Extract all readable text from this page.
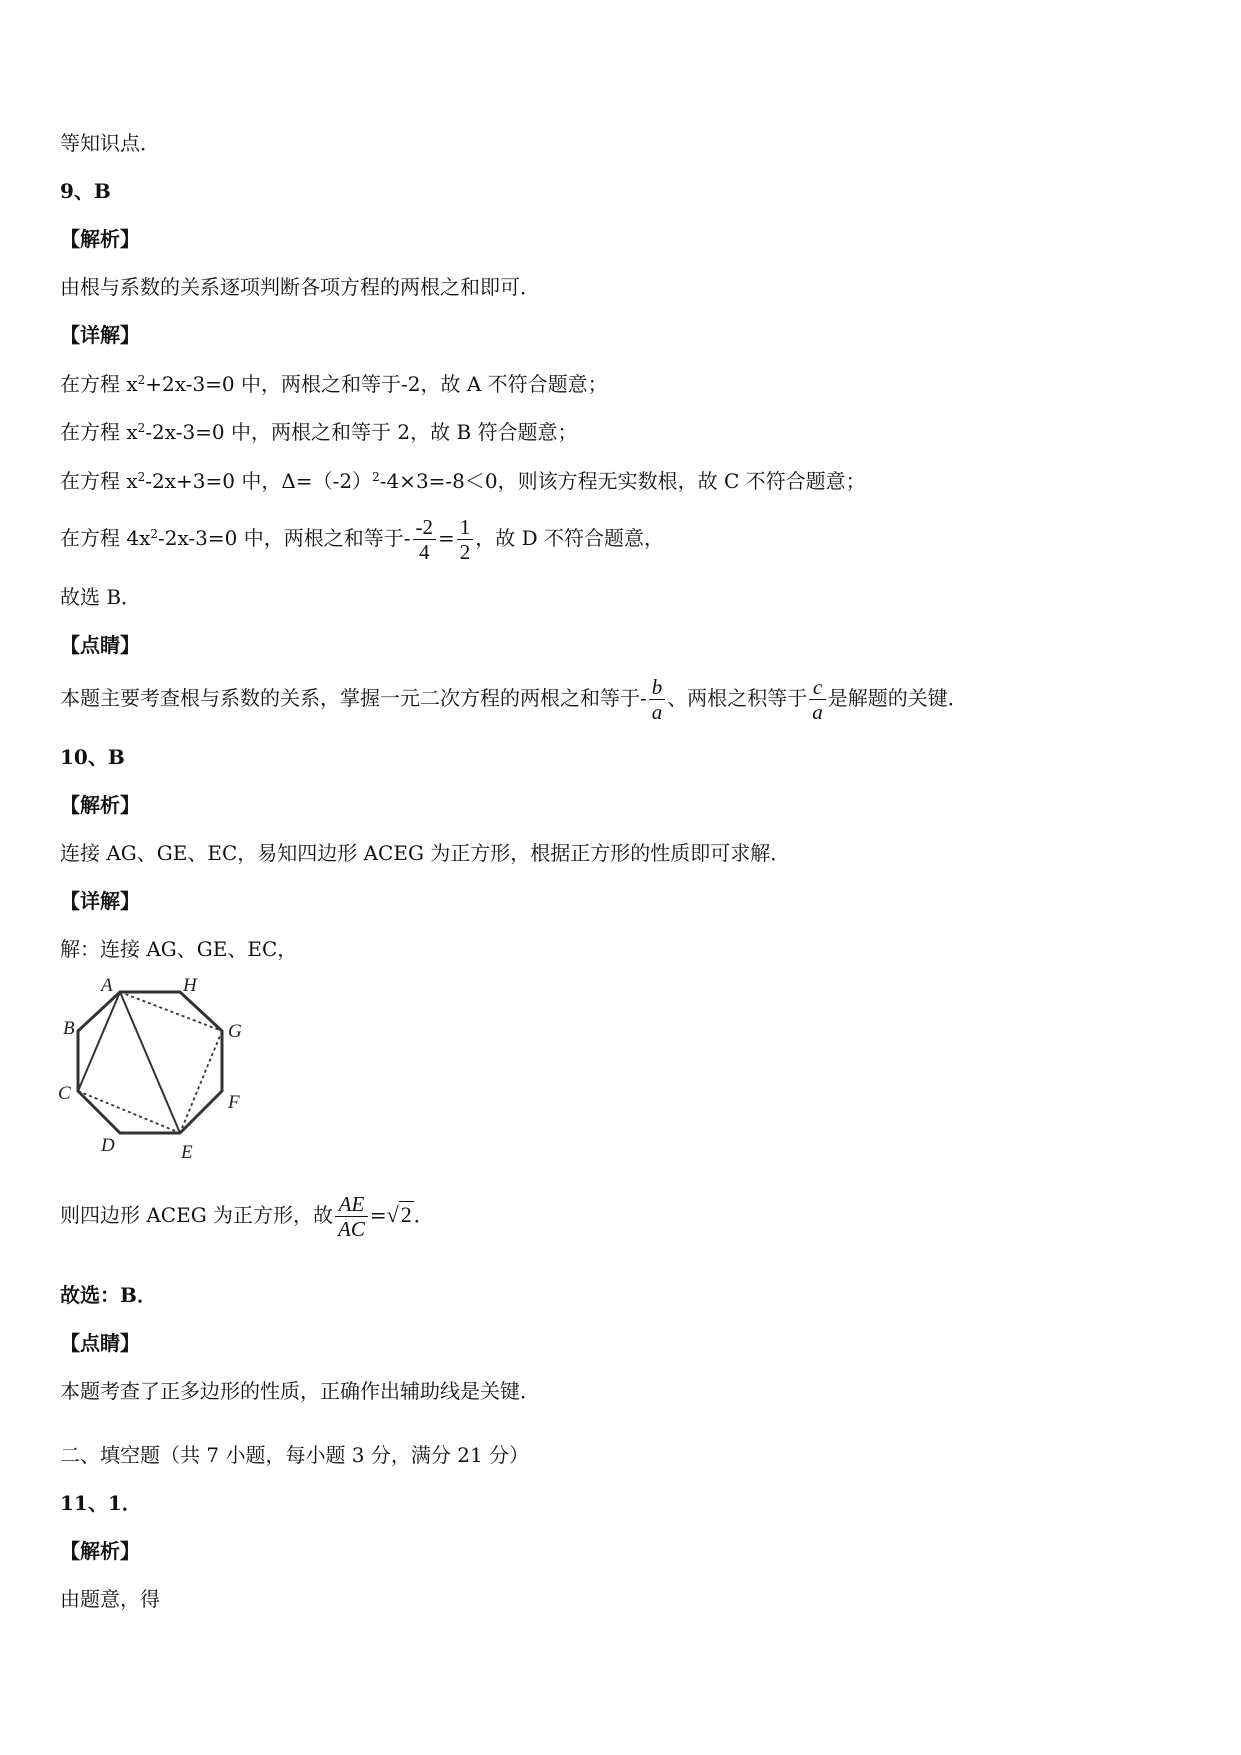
等知识点．
9、B
【解析】
由根与系数的关系逐项判断各项方程的两根之和即可．
【详解】
在方程 $x^2+2x-3=0$ 中，两根之和等于-2，故 A 不符合题意；
在方程 $x^2-2x-3=0$ 中，两根之和等于 2，故 B 符合题意；
在方程 $x^2-2x+3=0$ 中，$\Delta=(-2)^2-4\times 3=-8<0$，则该方程无实数根，故 C 不符合题意；
在方程 $4x^2-2x-3=0$ 中，两根之和等于- $\frac{-2}{4} = \frac{1}{2}$ ，故 D 不符合题意，
故选 B．
【点睛】
本题主要考查根与系数的关系，掌握一元二次方程的两根之和等于- $\frac{b}{a}$ 、两根之积等于 $\frac{c}{a}$ 是解题的关键．
10、B
【解析】
连接 AG、GE、EC，易知四边形 ACEG 为正方形，根据正方形的性质即可求解．
【详解】
解：连接 AG、GE、EC，
A	H
G
F
E
D
C
B
则四边形 ACEG 为正方形，故 $\frac{AE}{AC} =√2$ ．
故选：B．
【点睛】
本题考查了正多边形的性质，正确作出辅助线是关键．
二、填空题（共 7 小题，每小题 3 分，满分 21 分）
11、1．
【解析】
由题意，得
